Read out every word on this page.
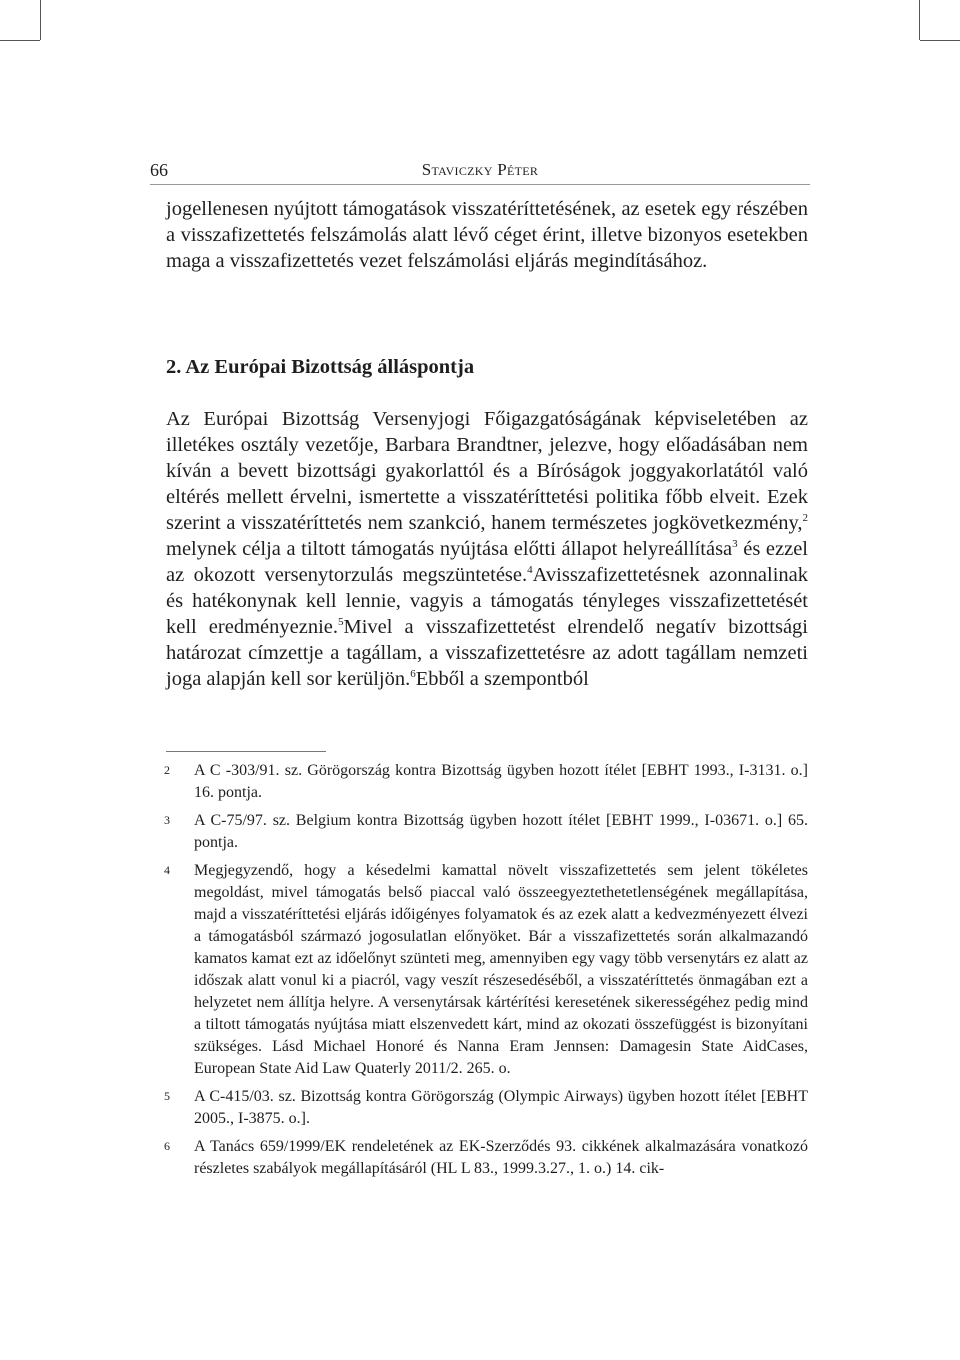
66	Staviczky Péter

jogellenesen nyújtott támogatások visszatéríttetésének, az esetek egy részében a visszafizettetés felszámolás alatt lévő céget érint, illetve bizonyos esetekben maga a visszafizettetés vezet felszámolási eljárás megindításához.

2. Az Európai Bizottság álláspontja

Az Európai Bizottság Versenyjogi Főigazgatóságának képviseletében az illetékes osztály vezetője, Barbara Brandtner, jelezve, hogy előadásában nem kíván a bevett bizottsági gyakorlattól és a Bíróságok joggyakorlatától való eltérés mellett érvelni, ismertette a visszatéríttetési politika főbb elveit. Ezek szerint a visszatéríttetés nem szankció, hanem természetes jogkövetkezmény,$^2$ melynek célja a tiltott támogatás nyújtása előtti állapot helyreállítása$^3$ és ezzel az okozott versenytorzulás megszüntetése.$^4$Avisszafizettetésnek azonnalinak és hatékonynak kell lennie, vagyis a támogatás tényleges visszafizettetését kell eredményeznie.$^5$Mivel a visszafizettetést elrendelő negatív bizottsági határozat címzettje a tagállam, a visszafizettetésre az adott tagállam nemzeti joga alapján kell sor kerüljön.$^6$Ebből a szempontból

2	A C -303/91. sz. Görögország kontra Bizottság ügyben hozott ítélet [EBHT 1993., I-3131. o.] 16. pontja.
3	A C-75/97. sz. Belgium kontra Bizottság ügyben hozott ítélet [EBHT 1999., I-03671. o.] 65. pontja.
4	Megjegyzendő, hogy a késedelmi kamattal növelt visszafizettetés sem jelent tökéletes megoldást, mivel támogatás belső piaccal való összeegyeztethetetlenségének megállapítása, majd a visszatéríttetési eljárás időigényes folyamatok és az ezek alatt a kedvezményezett élvezi a támogatásból származó jogosulatlan előnyöket. Bár a visszafizettetés során alkalmazandó kamatos kamat ezt az időelőnyt szünteti meg, amennyiben egy vagy több versenytárs ez alatt az időszak alatt vonul ki a piacról, vagy veszít részesedéséből, a visszatéríttetés önmagában ezt a helyzetet nem állítja helyre. A versenytársak kártérítési keresetének sikerességéhez pedig mind a tiltott támogatás nyújtása miatt elszenvedett kárt, mind az okozati összefüggést is bizonyítani szükséges. Lásd Michael Honoré és Nanna Eram Jennsen: Damagesin State AidCases, European State Aid Law Quaterly 2011/2. 265. o.
5	A C-415/03. sz. Bizottság kontra Görögország (Olympic Airways) ügyben hozott ítélet [EBHT 2005., I-3875. o.].
6	A Tanács 659/1999/EK rendeletének az EK-Szerződés 93. cikkének alkalmazására vonatkozó részletes szabályok megállapításáról (HL L 83., 1999.3.27., 1. o.) 14. cik-
